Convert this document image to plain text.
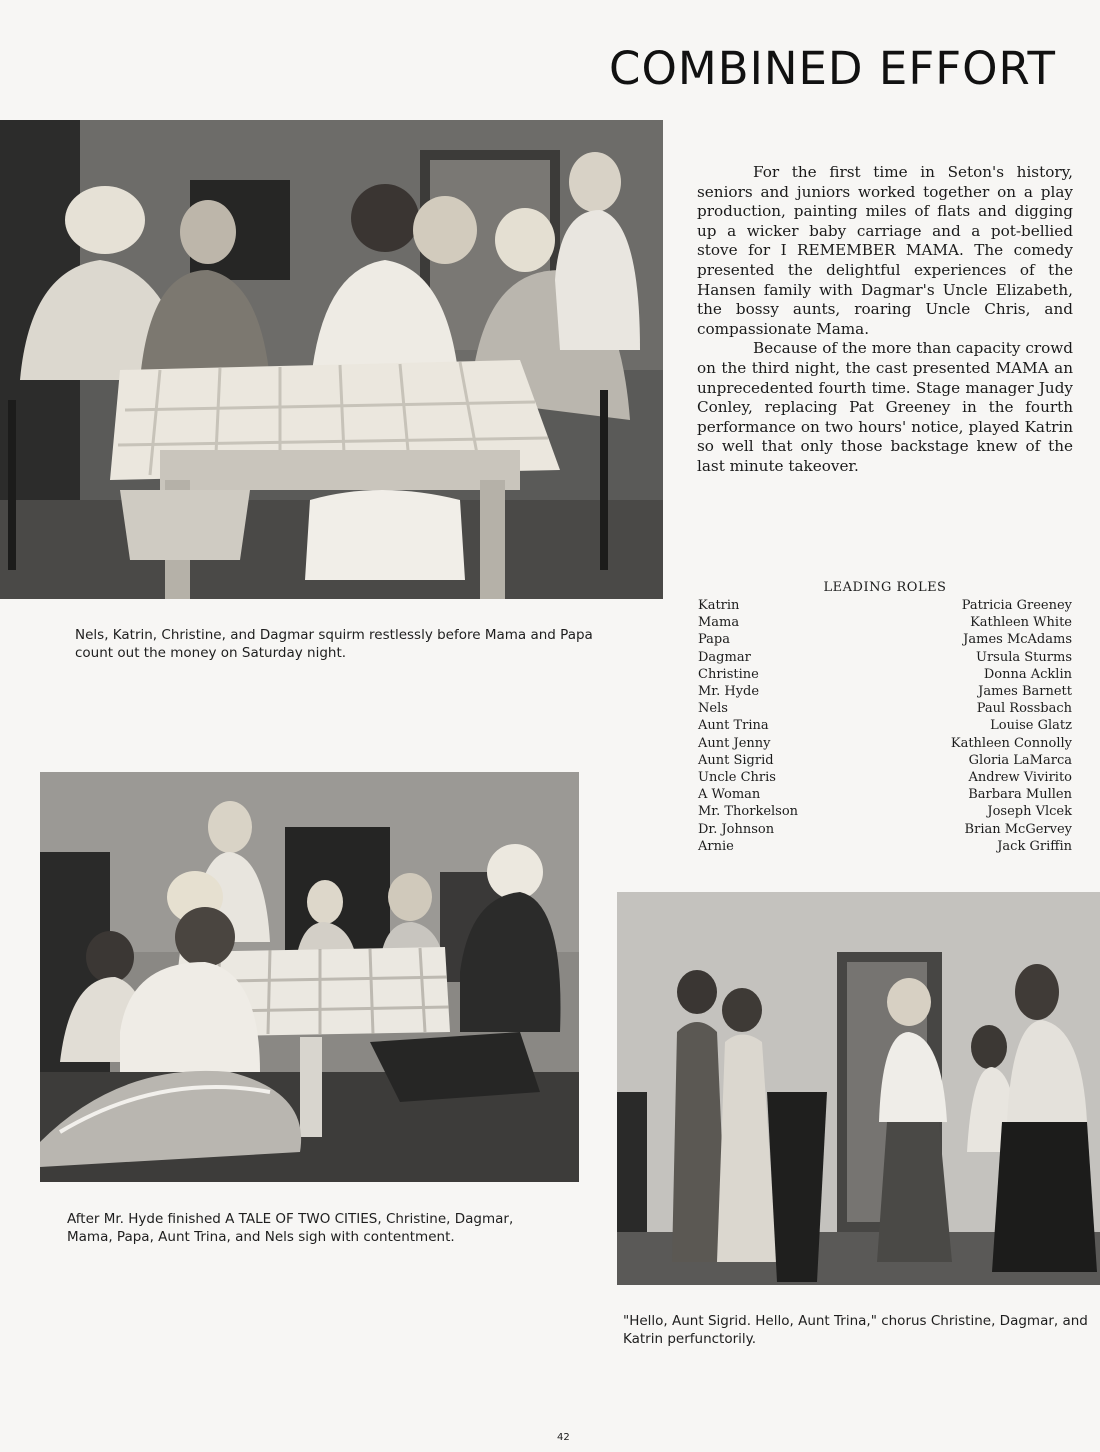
COMBINED EFFORT
Nels, Katrin, Christine, and Dagmar squirm restlessly before Mama and Papa count out the money on Saturday night.
After Mr. Hyde finished A TALE OF TWO CITIES, Christine, Dagmar, Mama, Papa, Aunt Trina, and Nels sigh with contentment.
"Hello, Aunt Sigrid. Hello, Aunt Trina," chorus Christine, Dagmar, and Katrin perfunctorily.

For the first time in Seton's history, seniors and juniors worked together on a play production, painting miles of flats and digging up a wicker baby carriage and a pot-bellied stove for I REMEMBER MAMA. The comedy presented the delightful experiences of the Hansen family with Dagmar's Uncle Elizabeth, the bossy aunts, roaring Uncle Chris, and compassionate Mama.

Because of the more than capacity crowd on the third night, the cast presented MAMA an unprecedented fourth time. Stage manager Judy Conley, replacing Pat Greeney in the fourth performance on two hours' notice, played Katrin so well that only those backstage knew of the last minute takeover.

LEADING ROLES
Katrin	Patricia Greeney
Mama	Kathleen White
Papa	James McAdams
Dagmar	Ursula Sturms
Christine	Donna Acklin
Mr. Hyde	James Barnett
Nels	Paul Rossbach
Aunt Trina	Louise Glatz
Aunt Jenny	Kathleen Connolly
Aunt Sigrid	Gloria LaMarca
Uncle Chris	Andrew Vivirito
A Woman	Barbara Mullen
Mr. Thorkelson	Joseph Vlcek
Dr. Johnson	Brian McGervey
Arnie	Jack Griffin
42
